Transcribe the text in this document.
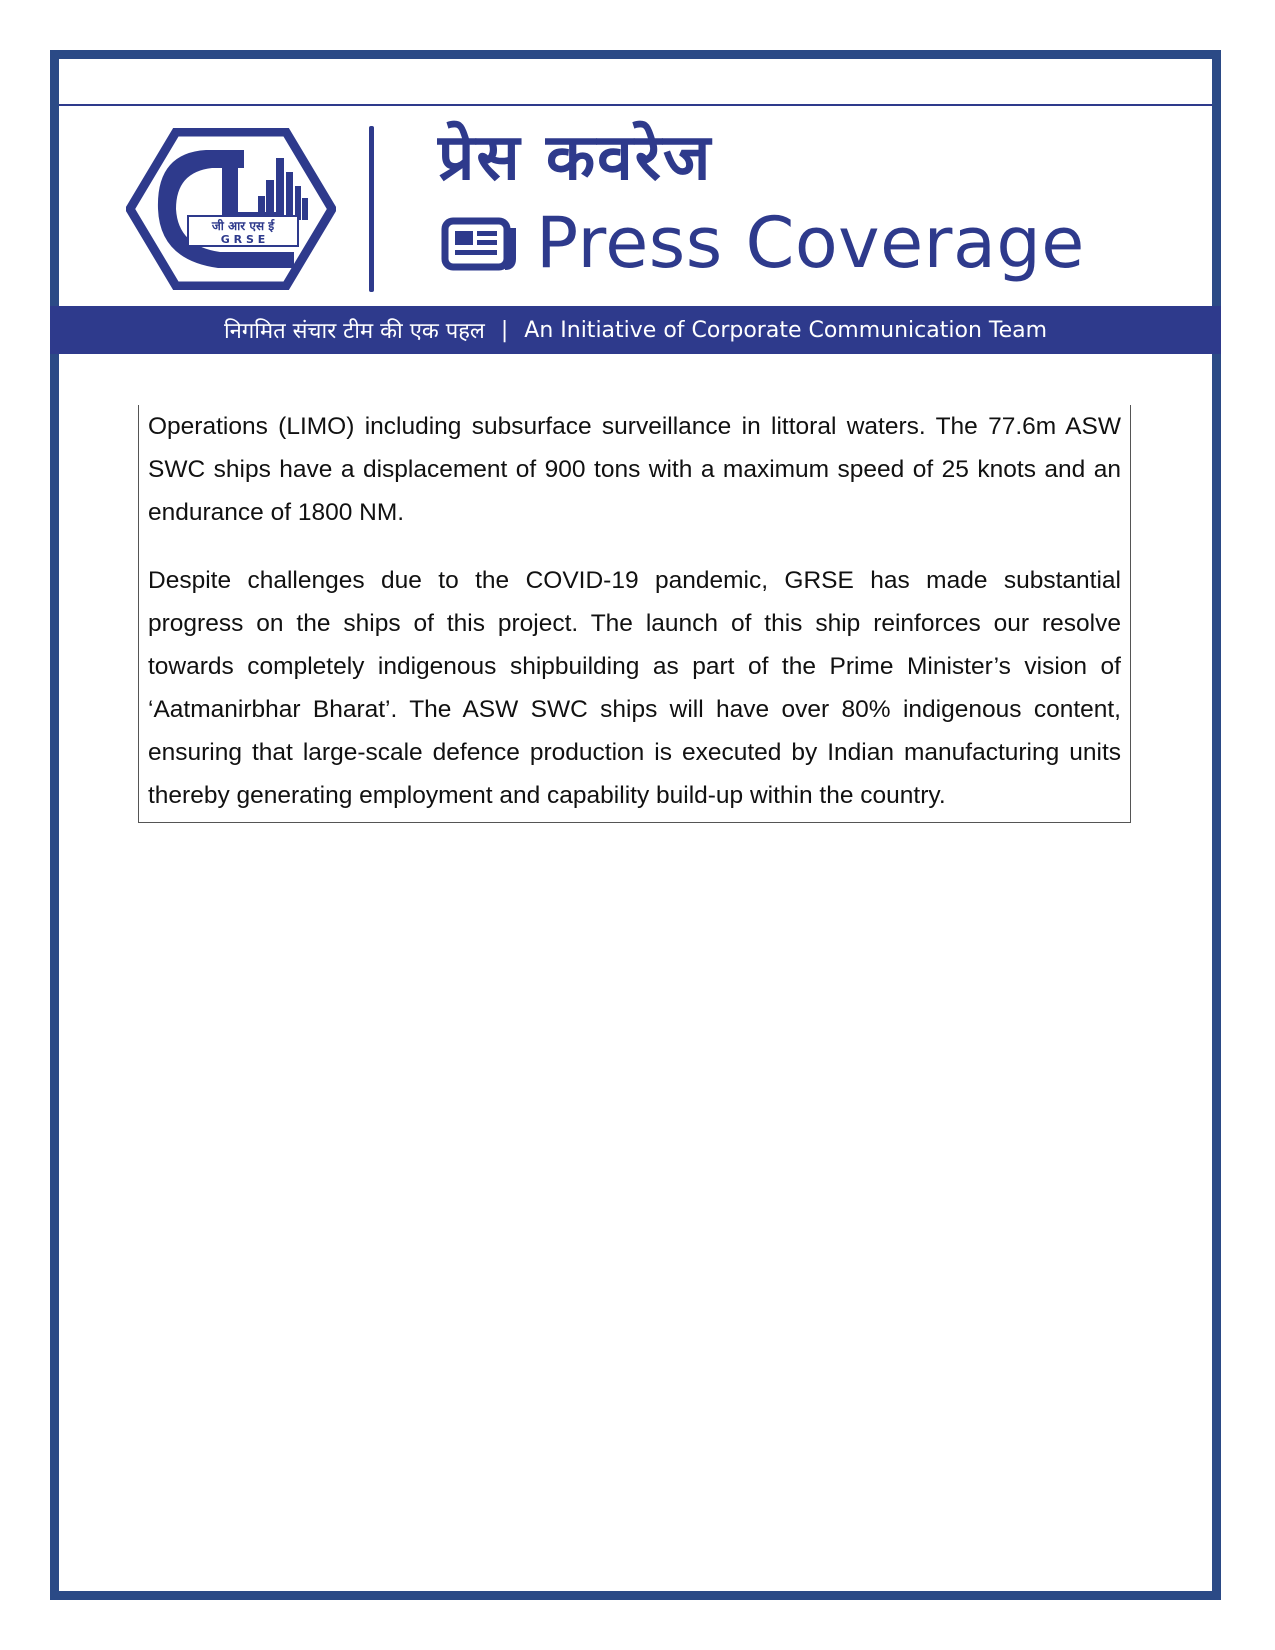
जी आर एस ई
G R S E
प्रेस कवरेज
Press Coverage
निगमित संचार टीम की एक पहल | An Initiative of Corporate Communication Team

Operations (LIMO) including subsurface surveillance in littoral waters. The 77.6m ASW SWC ships have a displacement of 900 tons with a maximum speed of 25 knots and an endurance of 1800 NM.

Despite challenges due to the COVID-19 pandemic, GRSE has made substantial progress on the ships of this project. The launch of this ship reinforces our resolve towards completely indigenous shipbuilding as part of the Prime Minister’s vision of ‘Aatmanirbhar Bharat’. The ASW SWC ships will have over 80% indigenous content, ensuring that large-scale defence production is executed by Indian manufacturing units thereby generating employment and capability build-up within the country.
